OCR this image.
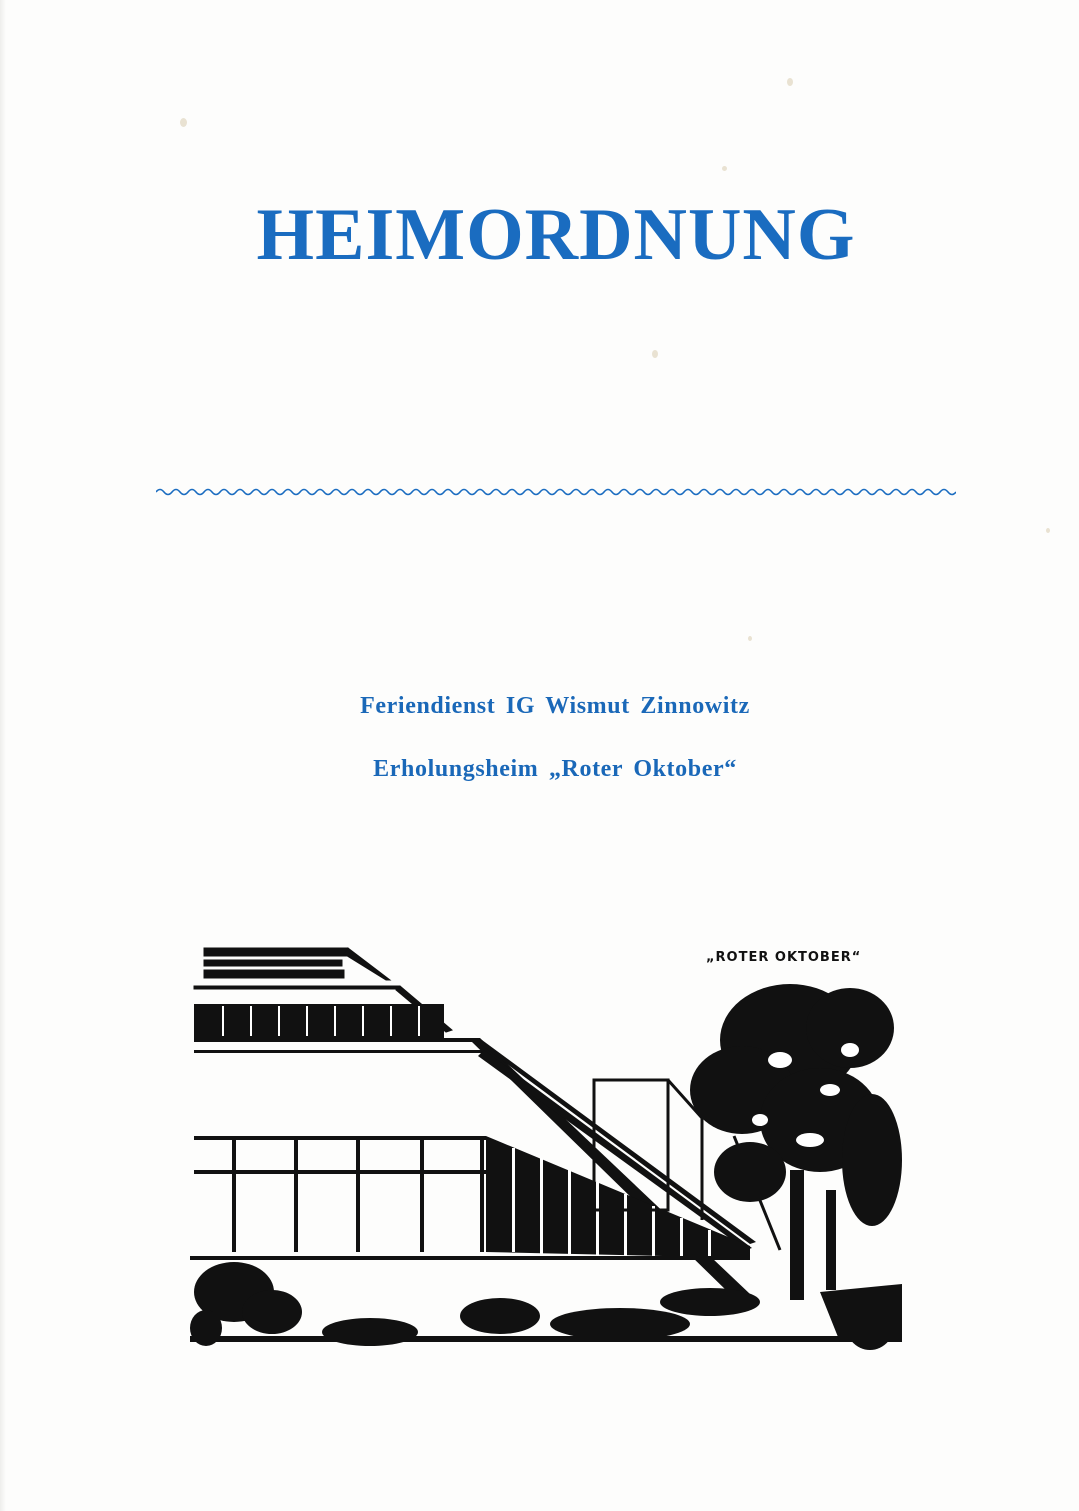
HEIMORDNUNG
Feriendienst IG Wismut Zinnowitz
Erholungsheim „Roter Oktober“
„ROTER OKTOBER“
